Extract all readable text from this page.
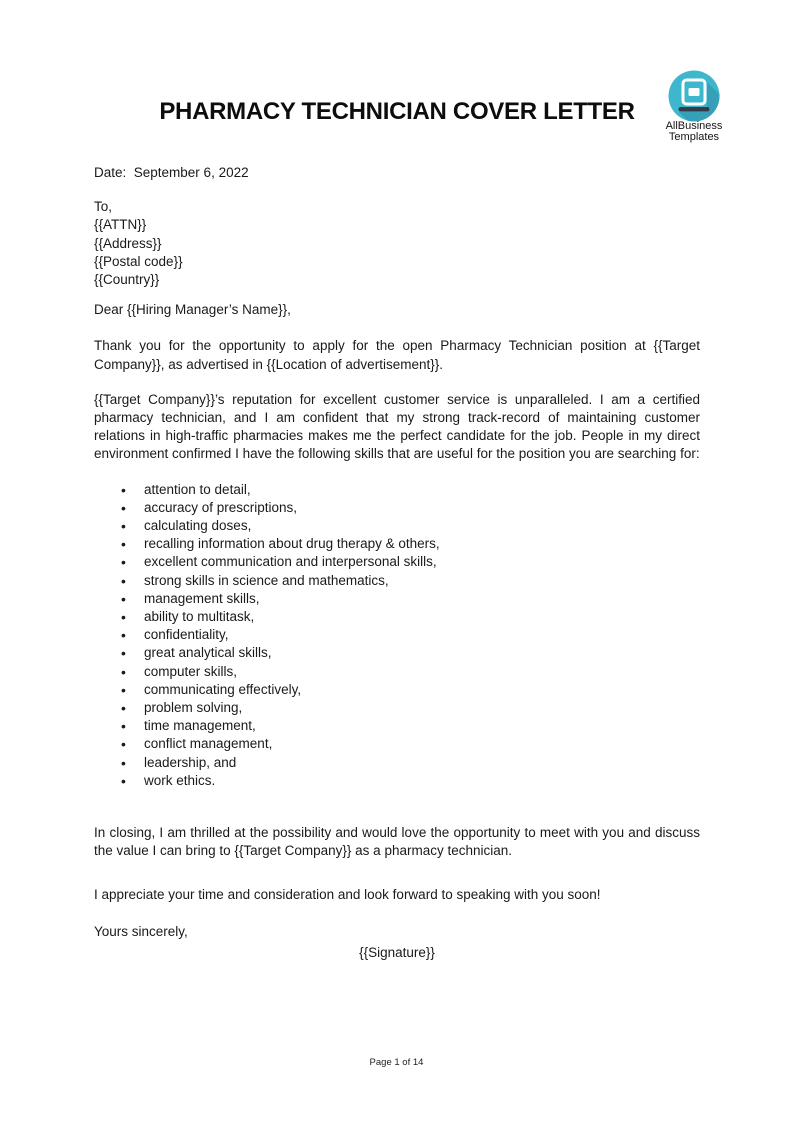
AllBusiness
Templates
PHARMACY TECHNICIAN COVER LETTER
Date:  September 6, 2022
To,
{{ATTN}}
{{Address}}
{{Postal code}}
{{Country}}
Dear {{Hiring Manager’s Name}},

Thank you for the opportunity to apply for the open Pharmacy Technician position at {{Target Company}}, as advertised in {{Location of advertisement}}.

{{Target Company}}’s reputation for excellent customer service is unparalleled. I am a certified pharmacy technician, and I am confident that my strong track-record of maintaining customer relations in high-traffic pharmacies makes me the perfect candidate for the job. People in my direct environment confirmed I have the following skills that are useful for the position you are searching for:

• attention to detail,
• accuracy of prescriptions,
• calculating doses,
• recalling information about drug therapy & others,
• excellent communication and interpersonal skills,
• strong skills in science and mathematics,
• management skills,
• ability to multitask,
• confidentiality,
• great analytical skills,
• computer skills,
• communicating effectively,
• problem solving,
• time management,
• conflict management,
• leadership, and
• work ethics.

In closing, I am thrilled at the possibility and would love the opportunity to meet with you and discuss the value I can bring to {{Target Company}} as a pharmacy technician.

I appreciate your time and consideration and look forward to speaking with you soon!
Yours sincerely,
{{Signature}}
Page 1 of 14
